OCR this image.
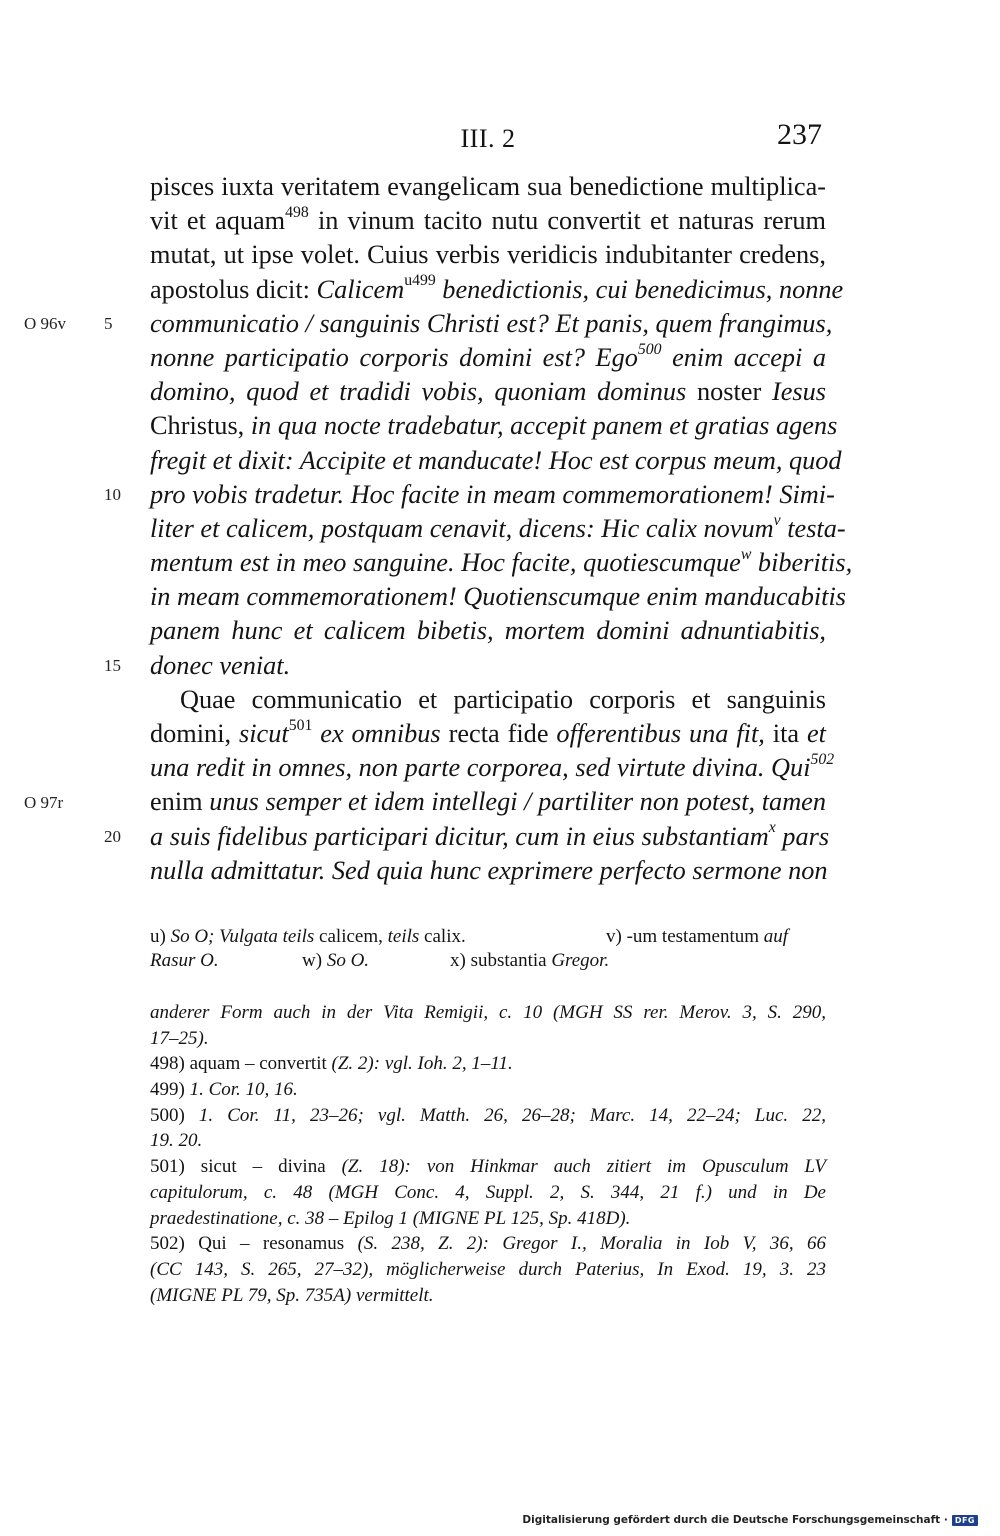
III. 2	237
O 96v 5
10
15
O 97r
20
pisces iuxta veritatem evangelicam sua benedictione multiplica-
vit et aquam$^{498}$ in vinum tacito nutu convertit et naturas rerum
mutat, ut ipse volet. Cuius verbis veridicis indubitanter credens,
apostolus dicit: Calicem$^{u499}$ benedictionis, cui benedicimus, nonne
communicatio / sanguinis Christi est? Et panis, quem frangimus,
nonne participatio corporis domini est? Ego$^{500}$ enim accepi a
domino, quod et tradidi vobis, quoniam dominus noster Iesus
Christus, in qua nocte tradebatur, accepit panem et gratias agens
fregit et dixit: Accipite et manducate! Hoc est corpus meum, quod
pro vobis tradetur. Hoc facite in meam commemorationem! Simi-
liter et calicem, postquam cenavit, dicens: Hic calix novum$^v$ testa-
mentum est in meo sanguine. Hoc facite, quotiescumque$^w$ biberitis,
in meam commemorationem! Quotienscumque enim manducabitis
panem hunc et calicem bibetis, mortem domini adnuntiabitis,
donec veniat.
Quae communicatio et participatio corporis et sanguinis
domini, sicut$^{501}$ ex omnibus recta fide offerentibus una fit, ita et
una redit in omnes, non parte corporea, sed virtute divina. Qui$^{502}$
enim unus semper et idem intellegi / partiliter non potest, tamen
a suis fidelibus participari dicitur, cum in eius substantiam$^x$ pars
nulla admittatur. Sed quia hunc exprimere perfecto sermone non
u) So O; Vulgata teils calicem, teils calix.	v) -um testamentum auf
Rasur O.	w) So O.	x) substantia Gregor.
anderer Form auch in der Vita Remigii, c. 10 (MGH SS rer. Merov. 3, S. 290,
17–25).
498) aquam – convertit (Z. 2): vgl. Ioh. 2, 1–11.
499) 1. Cor. 10, 16.
500) 1. Cor. 11, 23–26; vgl. Matth. 26, 26–28; Marc. 14, 22–24; Luc. 22,
19. 20.
501) sicut – divina (Z. 18): von Hinkmar auch zitiert im Opusculum LV
capitulorum, c. 48 (MGH Conc. 4, Suppl. 2, S. 344, 21 f.) und in De
praedestinatione, c. 38 – Epilog 1 (MIGNE PL 125, Sp. 418D).
502) Qui – resonamus (S. 238, Z. 2): Gregor I., Moralia in Iob V, 36, 66
(CC 143, S. 265, 27–32), möglicherweise durch Paterius, In Exod. 19, 3. 23
(MIGNE PL 79, Sp. 735A) vermittelt.
Digitalisierung gefördert durch die Deutsche Forschungsgemeinschaft · DFG
